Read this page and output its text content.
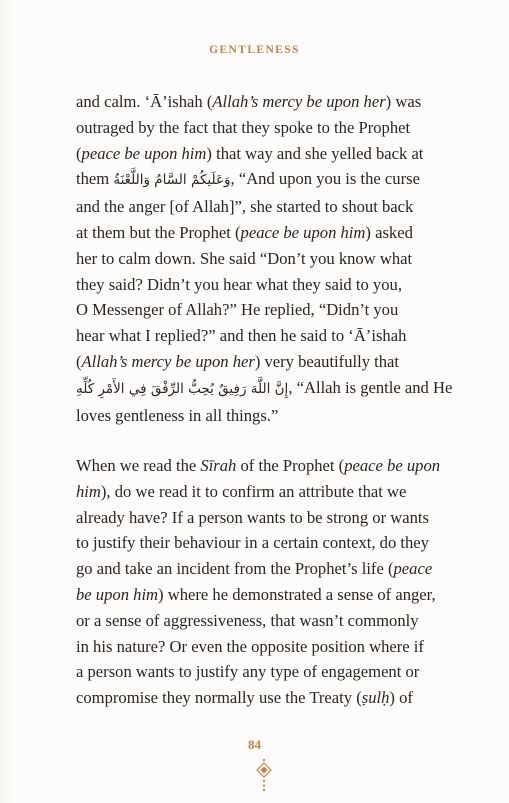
GENTLENESS
and calm. ‘Ā’ishah (Allah’s mercy be upon her) was
outraged by the fact that they spoke to the Prophet
(peace be upon him) that way and she yelled back at
them وَعَلَيكُمْ السَّامُ وَاللَّعْنَةُ, “And upon you is the curse
and the anger [of Allah]”, she started to shout back
at them but the Prophet (peace be upon him) asked
her to calm down. She said “Don’t you know what
they said? Didn’t you hear what they said to you,
O Messenger of Allah?” He replied, “Didn’t you
hear what I replied?” and then he said to ‘Ā’ishah
(Allah’s mercy be upon her) very beautifully that
إِنَّ اللَّهَ رَفِيقٌ يُحِبُّ الرِّفْقَ فِي الأَمْرِ كُلِّهِ, “Allah is gentle and He
loves gentleness in all things.”
When we read the Sīrah of the Prophet (peace be upon
him), do we read it to confirm an attribute that we
already have? If a person wants to be strong or wants
to justify their behaviour in a certain context, do they
go and take an incident from the Prophet’s life (peace
be upon him) where he demonstrated a sense of anger,
or a sense of aggressiveness, that wasn’t commonly
in his nature? Or even the opposite position where if
a person wants to justify any type of engagement or
compromise they normally use the Treaty (ṣulḥ) of
84
